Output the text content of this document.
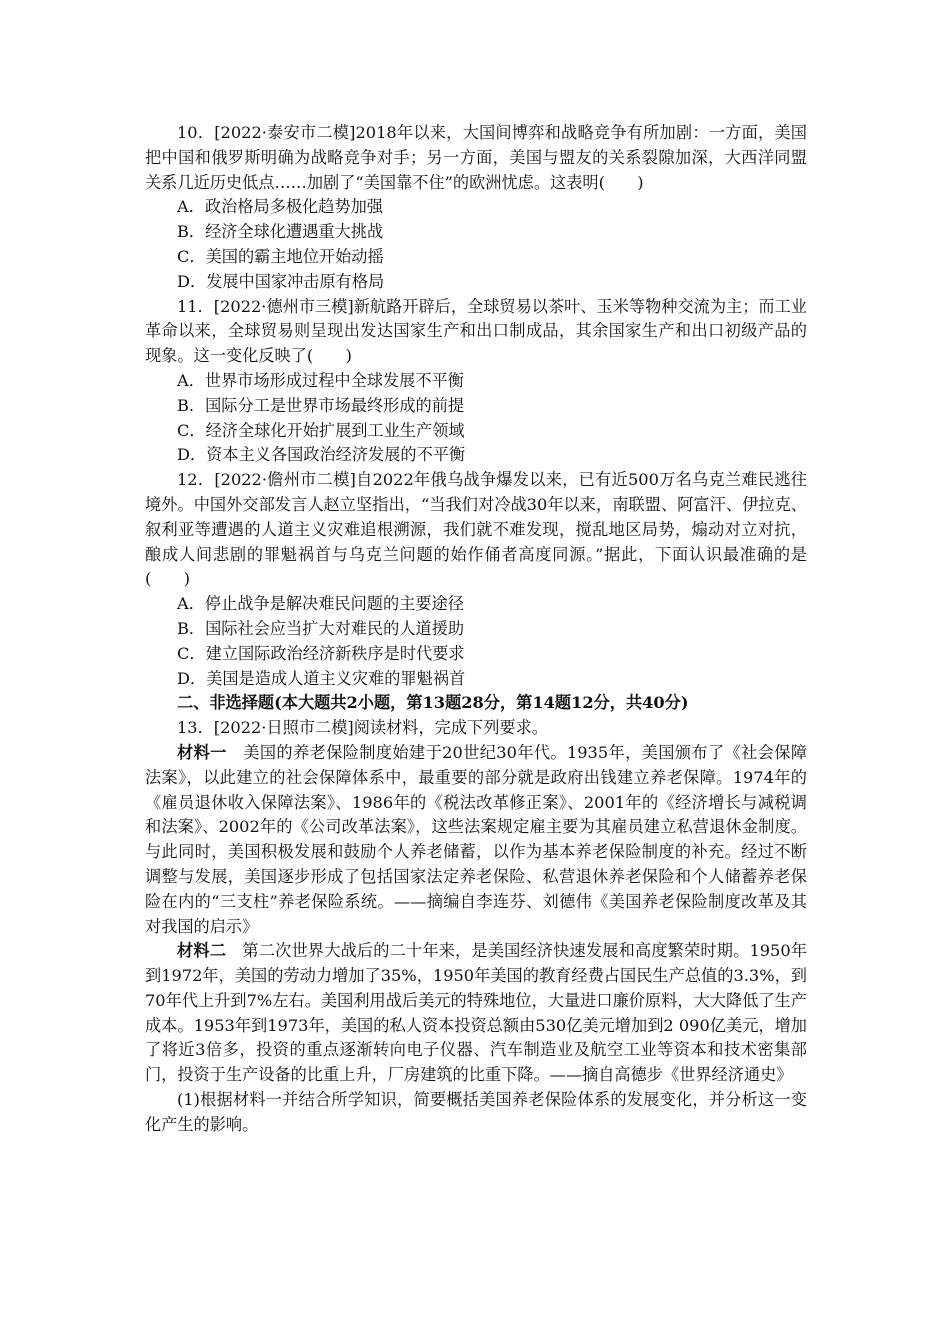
10．[2022·泰安市二模]2018年以来，大国间博弈和战略竞争有所加剧：一方面，美国把中国和俄罗斯明确为战略竞争对手；另一方面，美国与盟友的关系裂隙加深，大西洋同盟关系几近历史低点……加剧了“美国靠不住”的欧洲忧虑。这表明(　　)

A．政治格局多极化趋势加强

B．经济全球化遭遇重大挑战

C．美国的霸主地位开始动摇

D．发展中国家冲击原有格局

11．[2022·德州市三模]新航路开辟后，全球贸易以茶叶、玉米等物种交流为主；而工业革命以来，全球贸易则呈现出发达国家生产和出口制成品，其余国家生产和出口初级产品的现象。这一变化反映了(　　)

A．世界市场形成过程中全球发展不平衡

B．国际分工是世界市场最终形成的前提

C．经济全球化开始扩展到工业生产领域

D．资本主义各国政治经济发展的不平衡

12．[2022·儋州市二模]自2022年俄乌战争爆发以来，已有近500万名乌克兰难民逃往境外。中国外交部发言人赵立坚指出，“当我们对冷战30年以来，南联盟、阿富汗、伊拉克、叙利亚等遭遇的人道主义灾难追根溯源，我们就不难发现，搅乱地区局势，煽动对立对抗，酿成人间悲剧的罪魁祸首与乌克兰问题的始作俑者高度同源。”据此，下面认识最准确的是(　　)

A．停止战争是解决难民问题的主要途径

B．国际社会应当扩大对难民的人道援助

C．建立国际政治经济新秩序是时代要求

D．美国是造成人道主义灾难的罪魁祸首

二、非选择题(本大题共2小题，第13题28分，第14题12分，共40分)

13．[2022·日照市二模]阅读材料，完成下列要求。

材料一　美国的养老保险制度始建于20世纪30年代。1935年，美国颁布了《社会保障法案》，以此建立的社会保障体系中，最重要的部分就是政府出钱建立养老保障。1974年的《雇员退休收入保障法案》、1986年的《税法改革修正案》、2001年的《经济增长与减税调和法案》、2002年的《公司改革法案》，这些法案规定雇主要为其雇员建立私营退休金制度。与此同时，美国积极发展和鼓励个人养老储蓄，以作为基本养老保险制度的补充。经过不断调整与发展，美国逐步形成了包括国家法定养老保险、私营退休养老保险和个人储蓄养老保险在内的“三支柱”养老保险系统。——摘编自李连芬、刘德伟《美国养老保险制度改革及其对我国的启示》

材料二　第二次世界大战后的二十年来，是美国经济快速发展和高度繁荣时期。1950年到1972年，美国的劳动力增加了35%，1950年美国的教育经费占国民生产总值的3.3%，到70年代上升到7%左右。美国利用战后美元的特殊地位，大量进口廉价原料，大大降低了生产成本。1953年到1973年，美国的私人资本投资总额由530亿美元增加到2 090亿美元，增加了将近3倍多，投资的重点逐渐转向电子仪器、汽车制造业及航空工业等资本和技术密集部门，投资于生产设备的比重上升，厂房建筑的比重下降。——摘自高德步《世界经济通史》

(1)根据材料一并结合所学知识，简要概括美国养老保险体系的发展变化，并分析这一变化产生的影响。
